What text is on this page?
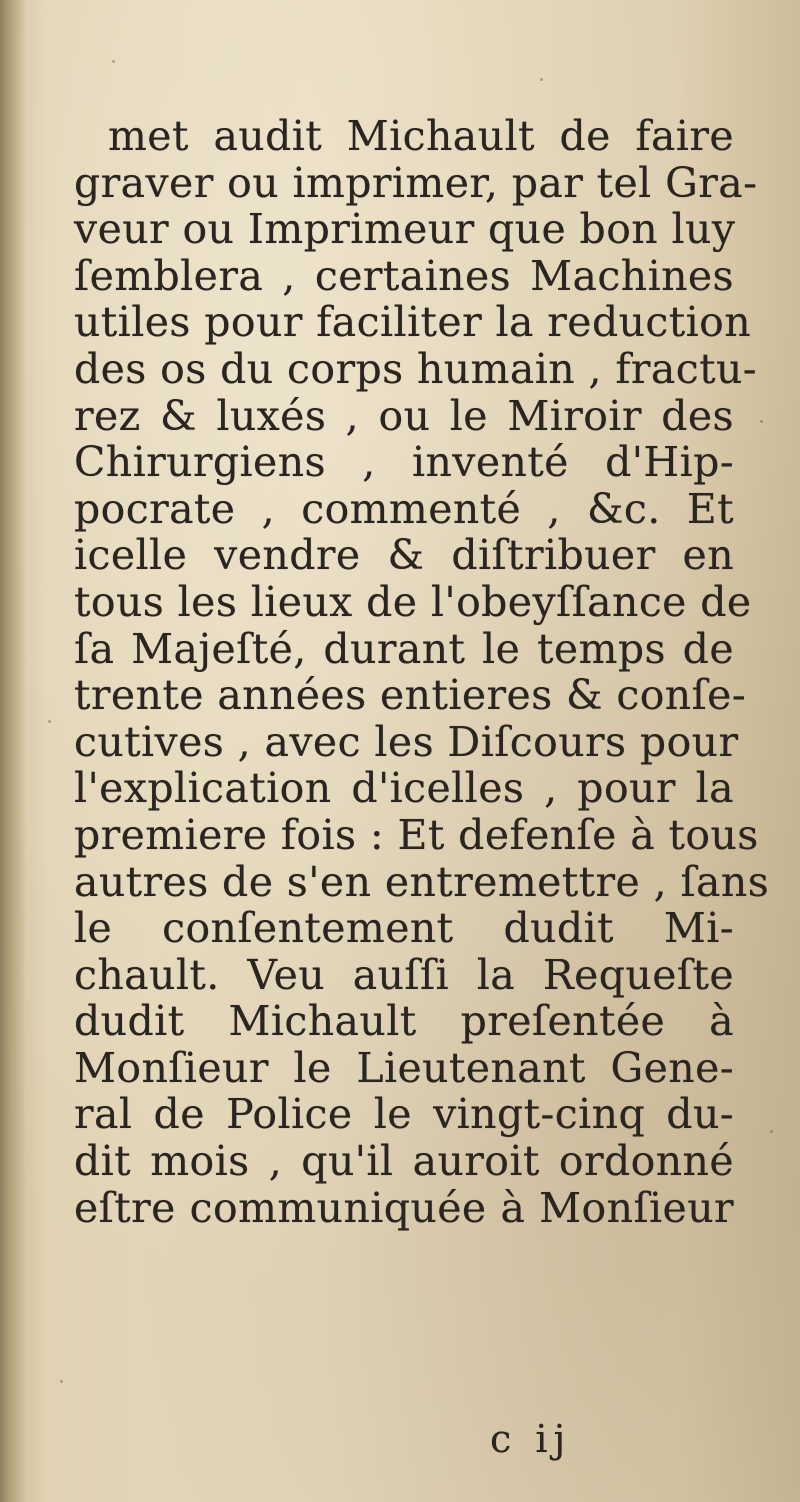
met audit Michault de faire
graver ou imprimer, par tel Gra-
veur ou Imprimeur que bon luy
ſemblera , certaines Machines
utiles pour faciliter la reduction
des os du corps humain , fractu-
rez & luxés , ou le Miroir des
Chirurgiens , inventé d'Hip-
pocrate , commenté , &c. Et
icelle vendre & diſtribuer en
tous les lieux de l'obeyſſance de
ſa Majeſté, durant le temps de
trente années entieres & conſe-
cutives , avec les Diſcours pour
l'explication d'icelles , pour la
premiere fois : Et defenſe à tous
autres de s'en entremettre , ſans
le conſentement dudit Mi-
chault. Veu auſſi la Requeſte
dudit Michault preſentée à
Monſieur le Lieutenant Gene-
ral de Police le vingt-cinq du-
dit mois , qu'il auroit ordonné
eſtre communiquée à Monſieur
c ij
